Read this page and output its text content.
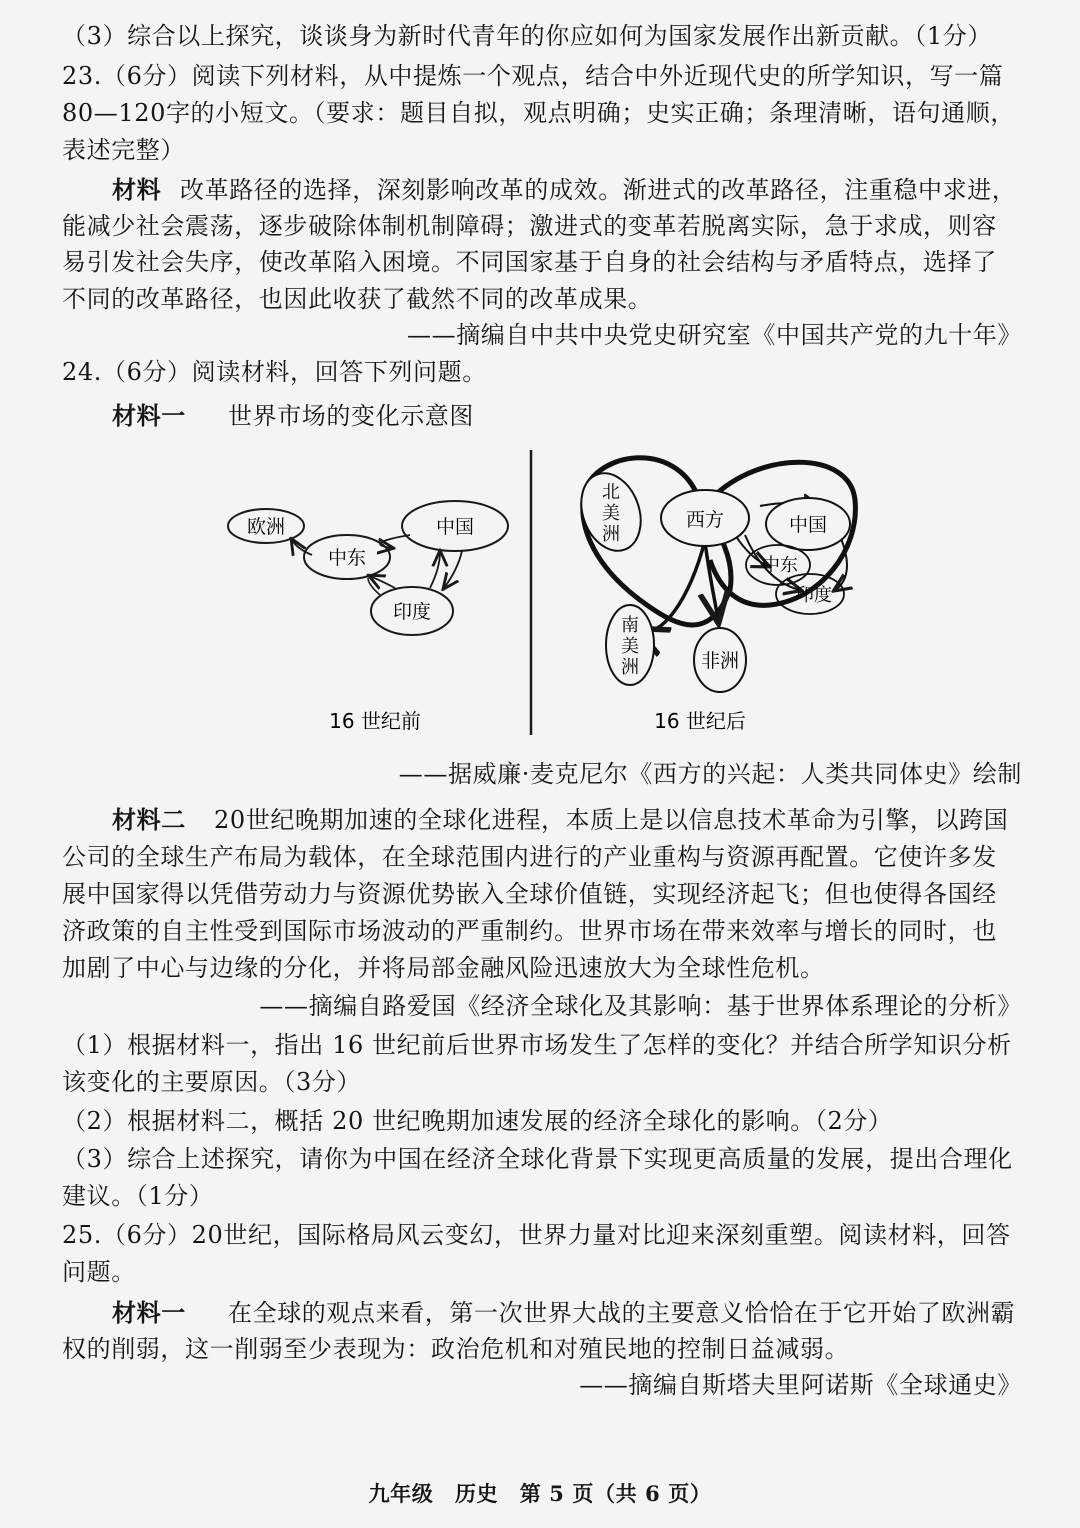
（3）综合以上探究，谈谈身为新时代青年的你应如何为国家发展作出新贡献。（1分）
23.（6分）阅读下列材料，从中提炼一个观点，结合中外近现代史的所学知识，写一篇
80—120字的小短文。（要求：题目自拟，观点明确；史实正确；条理清晰，语句通顺，
表述完整）
材料 改革路径的选择，深刻影响改革的成效。渐进式的改革路径，注重稳中求进，
能减少社会震荡，逐步破除体制机制障碍；激进式的变革若脱离实际，急于求成，则容
易引发社会失序，使改革陷入困境。不同国家基于自身的社会结构与矛盾特点，选择了
不同的改革路径，也因此收获了截然不同的改革成果。
——摘编自中共中央党史研究室《中国共产党的九十年》
24.（6分）阅读材料，回答下列问题。
材料一 世界市场的变化示意图
欧洲
中东
中国
印度
16 世纪前
北美洲
西方	中国
中东
印度
南美洲	非洲
16 世纪后
——据威廉·麦克尼尔《西方的兴起：人类共同体史》绘制
材料二 20世纪晚期加速的全球化进程，本质上是以信息技术革命为引擎，以跨国
公司的全球生产布局为载体，在全球范围内进行的产业重构与资源再配置。它使许多发
展中国家得以凭借劳动力与资源优势嵌入全球价值链，实现经济起飞；但也使得各国经
济政策的自主性受到国际市场波动的严重制约。世界市场在带来效率与增长的同时，也
加剧了中心与边缘的分化，并将局部金融风险迅速放大为全球性危机。
——摘编自路爱国《经济全球化及其影响：基于世界体系理论的分析》
（1）根据材料一，指出 16 世纪前后世界市场发生了怎样的变化？并结合所学知识分析
该变化的主要原因。（3分）
（2）根据材料二，概括 20 世纪晚期加速发展的经济全球化的影响。（2分）
（3）综合上述探究，请你为中国在经济全球化背景下实现更高质量的发展，提出合理化
建议。（1分）
25.（6分）20世纪，国际格局风云变幻，世界力量对比迎来深刻重塑。阅读材料，回答
问题。
材料一 在全球的观点来看，第一次世界大战的主要意义恰恰在于它开始了欧洲霸
权的削弱，这一削弱至少表现为：政治危机和对殖民地的控制日益减弱。
——摘编自斯塔夫里阿诺斯《全球通史》
九年级　历史　第 5 页（共 6 页）
